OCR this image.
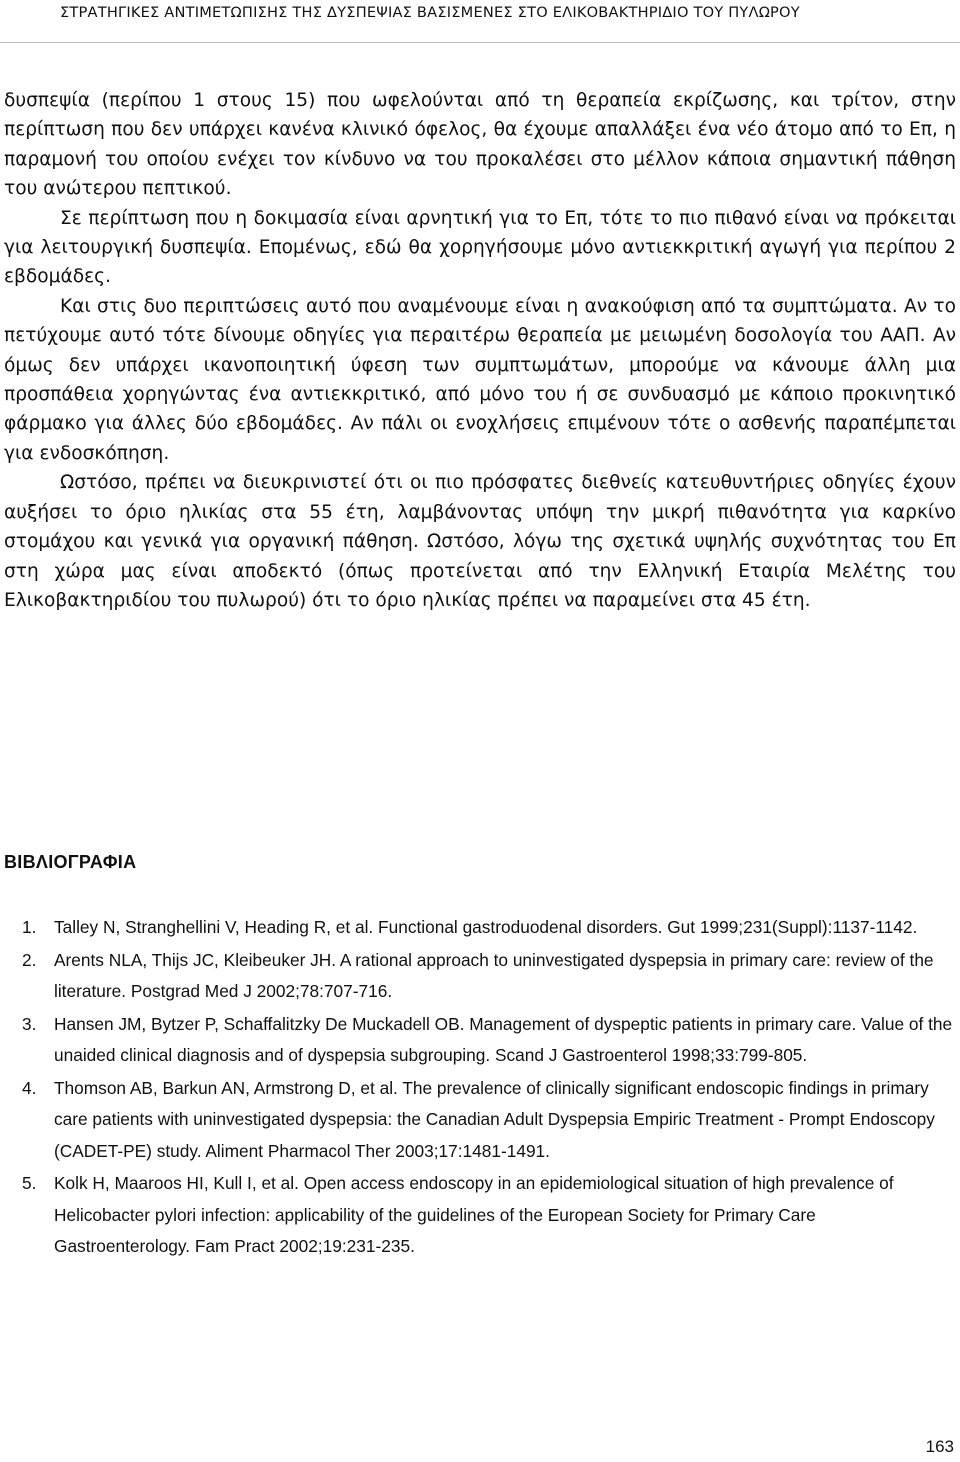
ΣΤΡΑΤΗΓΙΚΕΣ ΑΝΤΙΜΕΤΩΠΙΣΗΣ ΤΗΣ ΔΥΣΠΕΨΙΑΣ ΒΑΣΙΣΜΕΝΕΣ ΣΤΟ ΕΛΙΚΟΒΑΚΤΗΡΙΔΙΟ ΤΟΥ ΠΥΛΩΡΟΥ

δυσπεψία (περίπου 1 στους 15) που ωφελούνται από τη θεραπεία εκρίζωσης, και τρίτον, στην περίπτωση που δεν υπάρχει κανένα κλινικό όφελος, θα έχουμε απαλλάξει ένα νέο άτομο από το Επ, η παραμονή του οποίου ενέχει τον κίνδυνο να του προκαλέσει στο μέλλον κάποια σημαντική πάθηση του ανώτερου πεπτικού.

Σε περίπτωση που η δοκιμασία είναι αρνητική για το Επ, τότε το πιο πιθανό είναι να πρόκειται για λειτουργική δυσπεψία. Επομένως, εδώ θα χορηγήσουμε μόνο αντιεκκριτική αγωγή για περίπου 2 εβδομάδες.

Και στις δυο περιπτώσεις αυτό που αναμένουμε είναι η ανακούφιση από τα συμπτώματα. Αν το πετύχουμε αυτό τότε δίνουμε οδηγίες για περαιτέρω θεραπεία με μειωμένη δοσολογία του ΑΑΠ. Αν όμως δεν υπάρχει ικανοποιητική ύφεση των συμπτωμάτων, μπορούμε να κάνουμε άλλη μια προσπάθεια χορηγώντας ένα αντιεκκριτικό, από μόνο του ή σε συνδυασμό με κάποιο προκινητικό φάρμακο για άλλες δύο εβδομάδες. Αν πάλι οι ενοχλήσεις επιμένουν τότε ο ασθενής παραπέμπεται για ενδοσκόπηση.

Ωστόσο, πρέπει να διευκρινιστεί ότι οι πιο πρόσφατες διεθνείς κατευθυντήριες οδηγίες έχουν αυξήσει το όριο ηλικίας στα 55 έτη, λαμβάνοντας υπόψη την μικρή πιθανότητα για καρκίνο στομάχου και γενικά για οργανική πάθηση. Ωστόσο, λόγω της σχετικά υψηλής συχνότητας του Επ στη χώρα μας είναι αποδεκτό (όπως προτείνεται από την Ελληνική Εταιρία Μελέτης του Ελικοβακτηριδίου του πυλωρού) ότι το όριο ηλικίας πρέπει να παραμείνει στα 45 έτη.

ΒΙΒΛΙΟΓΡΑΦΙΑ
1. Talley N, Stranghellini V, Heading R, et al. Functional gastroduodenal disorders. Gut 1999;231(Suppl):1137-1142.
2. Arents NLA, Thijs JC, Kleibeuker JH. A rational approach to uninvestigated dyspepsia in primary care: review of the literature. Postgrad Med J 2002;78:707-716.
3. Hansen JM, Bytzer P, Schaffalitzky De Muckadell OB. Management of dyspeptic patients in primary care. Value of the unaided clinical diagnosis and of dyspepsia subgrouping. Scand J Gastroenterol 1998;33:799-805.
4. Thomson AB, Barkun AN, Armstrong D, et al. The prevalence of clinically significant endoscopic findings in primary care patients with uninvestigated dyspepsia: the Canadian Adult Dyspepsia Empiric Treatment - Prompt Endoscopy (CADET-PE) study. Aliment Pharmacol Ther 2003;17:1481-1491.
5. Kolk H, Maaroos HI, Kull I, et al. Open access endoscopy in an epidemiological situation of high prevalence of Helicobacter pylori infection: applicability of the guidelines of the European Society for Primary Care Gastroenterology. Fam Pract 2002;19:231-235.
163
